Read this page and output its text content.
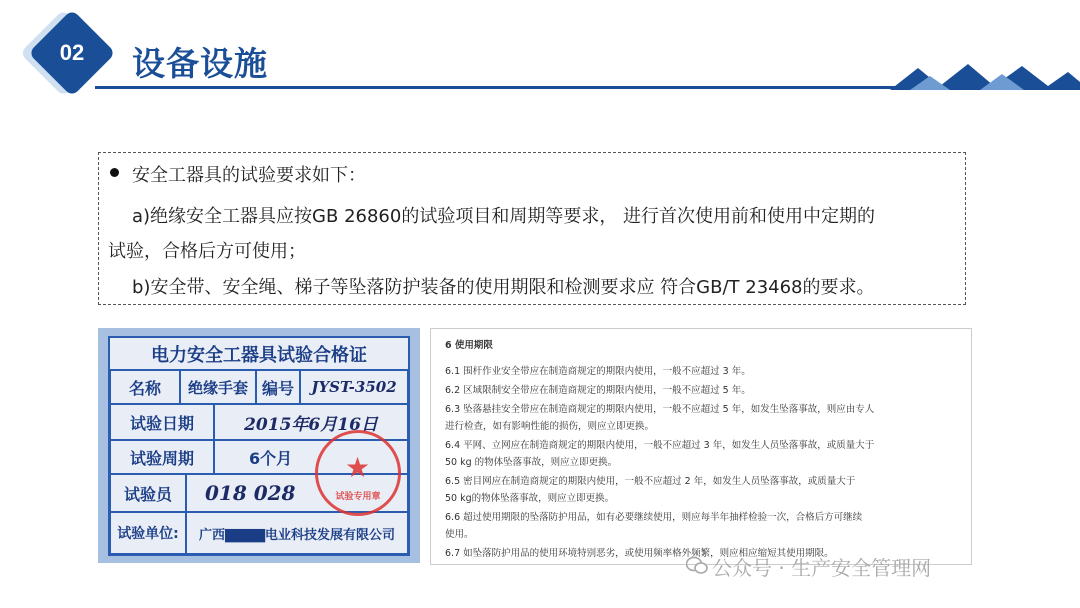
02	设备设施
安全工器具的试验要求如下：
a)绝缘安全工器具应按GB 26860的试验项目和周期等要求， 进行首次使用前和使用中定期的
试验，合格后方可使用；
b)安全带、安全绳、梯子等坠落防护装备的使用期限和检测要求应 符合GB/T 23468的要求。
电力安全工器具试验合格证
名称	绝缘手套 编号	JYST-3502
试验日期	2015年6月16日
试验周期	6个月
试验员	018 028
试验单位:	广西▇▇▇▇电业科技发展有限公司
★
试验专用章
6 使用期限
6.1 围杆作业安全带应在制造商规定的期限内使用，一般不应超过 3 年。
6.2 区域限制安全带应在制造商规定的期限内使用，一般不应超过 5 年。
6.3 坠落悬挂安全带应在制造商规定的期限内使用，一般不应超过 5 年，如发生坠落事故，则应由专人
进行检查，如有影响性能的损伤，则应立即更换。
6.4 平网、立网应在制造商规定的期限内使用，一般不应超过 3 年，如发生人员坠落事故，或质量大于
50 kg 的物体坠落事故，则应立即更换。
6.5 密目网应在制造商规定的期限内使用，一般不应超过 2 年，如发生人员坠落事故，或质量大于
50 kg的物体坠落事故，则应立即更换。
6.6 超过使用期限的坠落防护用品，如有必要继续使用，则应每半年抽样检验一次，合格后方可继续
使用。
6.7 如坠落防护用品的使用环境特别恶劣，或使用频率格外频繁，则应相应缩短其使用期限。
公众号 · 生产安全管理网
